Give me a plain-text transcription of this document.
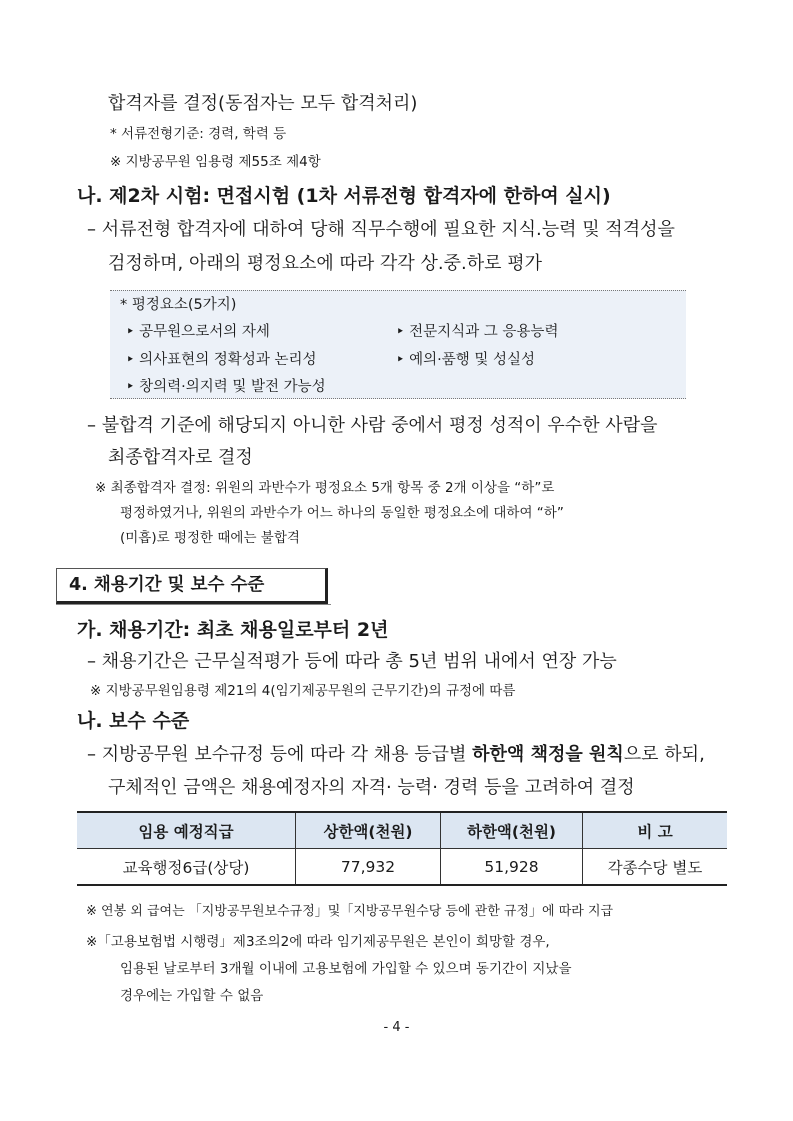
합격자를 결정(동점자는 모두 합격처리)
* 서류전형기준: 경력, 학력 등
※ 지방공무원 임용령 제55조 제4항
나. 제2차 시험: 면접시험 (1차 서류전형 합격자에 한하여 실시)
– 서류전형 합격자에 대하여 당해 직무수행에 필요한 지식.능력 및 적격성을
검정하며, 아래의 평정요소에 따라 각각 상.중.하로 평가
* 평정요소(5가지)
‣ 공무원으로서의 자세	‣ 전문지식과 그 응용능력
‣ 의사표현의 정확성과 논리성	‣ 예의·품행 및 성실성
‣ 창의력·의지력 및 발전 가능성
– 불합격 기준에 해당되지 아니한 사람 중에서 평정 성적이 우수한 사람을
최종합격자로 결정
※ 최종합격자 결정: 위원의 과반수가 평정요소 5개 항목 중 2개 이상을 “하”로
평정하였거나, 위원의 과반수가 어느 하나의 동일한 평정요소에 대하여 “하”
(미흡)로 평정한 때에는 불합격
4. 채용기간 및 보수 수준
가. 채용기간: 최초 채용일로부터 2년
– 채용기간은 근무실적평가 등에 따라 총 5년 범위 내에서 연장 가능
※ 지방공무원임용령 제21의 4(임기제공무원의 근무기간)의 규정에 따름
나. 보수 수준
– 지방공무원 보수규정 등에 따라 각 채용 등급별 하한액 책정을 원칙으로 하되,
구체적인 금액은 채용예정자의 자격· 능력· 경력 등을 고려하여 결정
임용 예정직급	상한액(천원)	하한액(천원)	비 고
교육행정6급(상당)	77,932	51,928	각종수당 별도
※ 연봉 외 급여는 「지방공무원보수규정」및「지방공무원수당 등에 관한 규정」에 따라 지급
※「고용보험법 시행령」제3조의2에 따라 임기제공무원은 본인이 희망할 경우,
임용된 날로부터 3개월 이내에 고용보험에 가입할 수 있으며 동기간이 지났을
경우에는 가입할 수 없음
- 4 -
